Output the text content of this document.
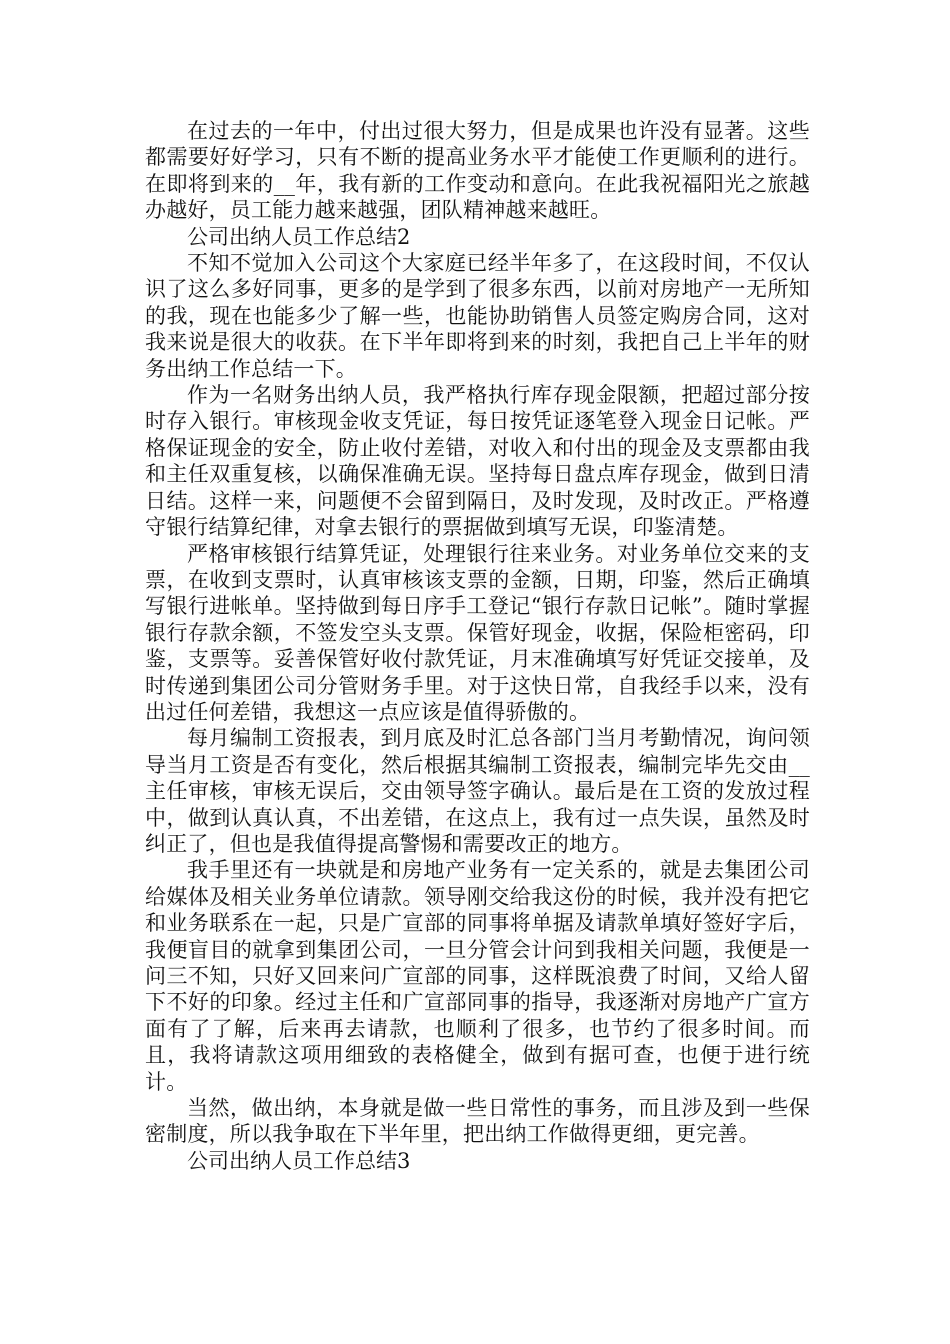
在过去的一年中，付出过很大努力，但是成果也许没有显著。这些都需要好好学习，只有不断的提高业务水平才能使工作更顺利的进行。在即将到来的__年，我有新的工作变动和意向。在此我祝福阳光之旅越办越好，员工能力越来越强，团队精神越来越旺。

公司出纳人员工作总结2

不知不觉加入公司这个大家庭已经半年多了，在这段时间，不仅认识了这么多好同事，更多的是学到了很多东西，以前对房地产一无所知的我，现在也能多少了解一些，也能协助销售人员签定购房合同，这对我来说是很大的收获。在下半年即将到来的时刻，我把自己上半年的财务出纳工作总结一下。

作为一名财务出纳人员，我严格执行库存现金限额，把超过部分按时存入银行。审核现金收支凭证，每日按凭证逐笔登入现金日记帐。严格保证现金的安全，防止收付差错，对收入和付出的现金及支票都由我和主任双重复核，以确保准确无误。坚持每日盘点库存现金，做到日清日结。这样一来，问题便不会留到隔日，及时发现，及时改正。严格遵守银行结算纪律，对拿去银行的票据做到填写无误，印鉴清楚。

严格审核银行结算凭证，处理银行往来业务。对业务单位交来的支票，在收到支票时，认真审核该支票的金额，日期，印鉴，然后正确填写银行进帐单。坚持做到每日序手工登记“银行存款日记帐”。随时掌握银行存款余额，不签发空头支票。保管好现金，收据，保险柜密码，印鉴，支票等。妥善保管好收付款凭证，月末准确填写好凭证交接单，及时传递到集团公司分管财务手里。对于这快日常，自我经手以来，没有出过任何差错，我想这一点应该是值得骄傲的。

每月编制工资报表，到月底及时汇总各部门当月考勤情况，询问领导当月工资是否有变化，然后根据其编制工资报表，编制完毕先交由__主任审核，审核无误后，交由领导签字确认。最后是在工资的发放过程中，做到认真认真，不出差错，在这点上，我有过一点失误，虽然及时纠正了，但也是我值得提高警惕和需要改正的地方。

我手里还有一块就是和房地产业务有一定关系的，就是去集团公司给媒体及相关业务单位请款。领导刚交给我这份的时候，我并没有把它和业务联系在一起，只是广宣部的同事将单据及请款单填好签好字后，我便盲目的就拿到集团公司，一旦分管会计问到我相关问题，我便是一问三不知，只好又回来问广宣部的同事，这样既浪费了时间，又给人留下不好的印象。经过主任和广宣部同事的指导，我逐渐对房地产广宣方面有了了解，后来再去请款，也顺利了很多，也节约了很多时间。而且，我将请款这项用细致的表格健全，做到有据可查，也便于进行统计。

当然，做出纳，本身就是做一些日常性的事务，而且涉及到一些保密制度，所以我争取在下半年里，把出纳工作做得更细，更完善。

公司出纳人员工作总结3
